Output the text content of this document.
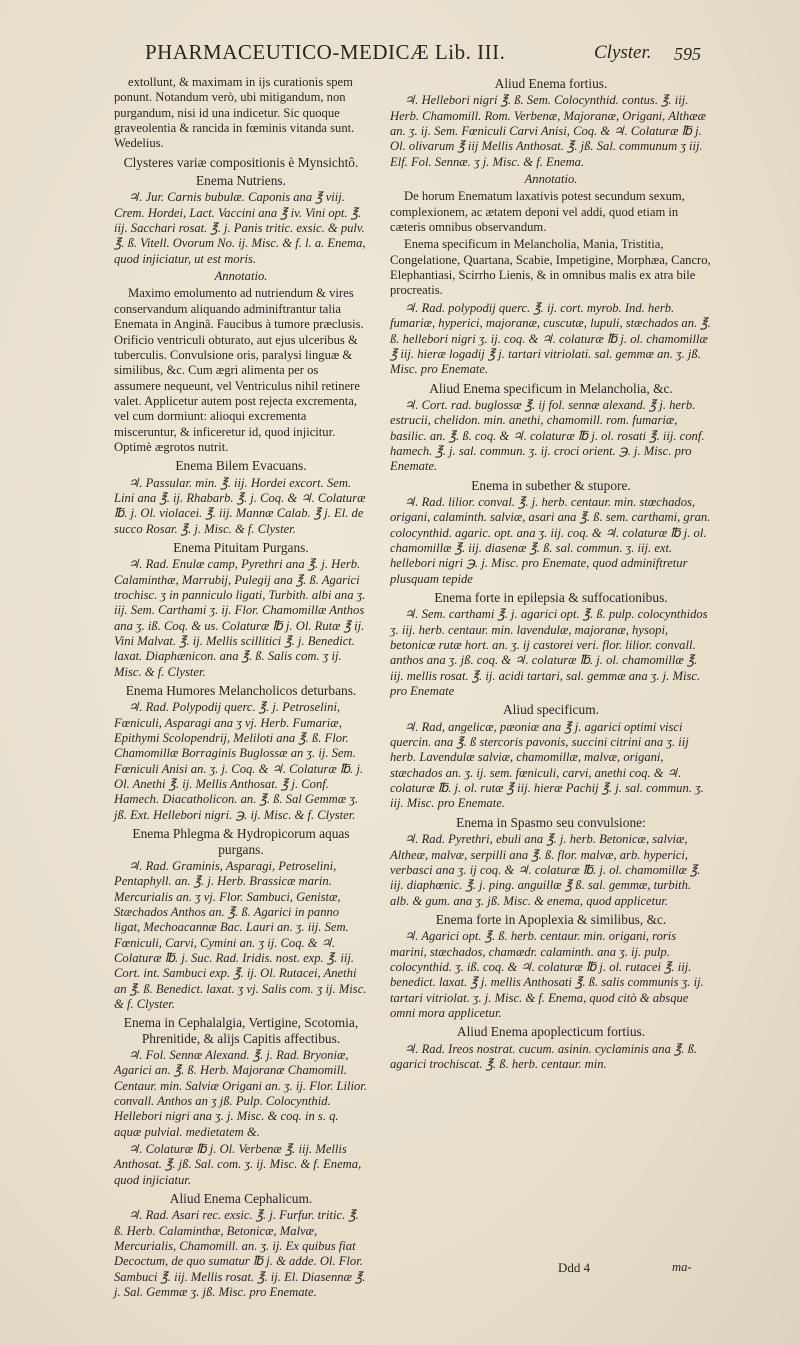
PHARMACEUTICO-MEDICÆ Lib. III.	Clyster. 595

extollunt, & maximam in ijs curationis spem ponunt. Notandum verò, ubi mitigandum, non purgandum, nisi id una indicetur. Sic quoque graveolentia & rancida in fœminis vitanda sunt. Wedelius.

Clysteres variæ compositionis è Mynsichtô.

Enema Nutriens.

♃. Jur. Carnis bubulæ. Caponis ana ℥ viij. Crem. Hordei, Lact. Vaccini ana ℥ iv. Vini opt. ℥. iij. Sacchari rosat. ℥. j. Panis tritic. exsic. & pulv. ℥. ß. Vitell. Ovorum No. ij. Misc. & f. l. a. Enema, quod injiciatur, ut est moris.

Annotatio.

Maximo emolumento ad nutriendum & vires conservandum aliquando adminiftrantur talia Enemata in Anginâ. Faucibus à tumore præclusis. Orificio ventriculi obturato, aut ejus ulceribus & tuberculis. Convulsione oris, paralysi linguæ & similibus, &c. Cum ægri alimenta per os assumere nequeunt, vel Ventriculus nihil retinere valet. Applicetur autem post rejecta excrementa, vel cum dormiunt: alioqui excrementa misceruntur, & inficeretur id, quod injicitur. Optimè ægrotos nutrit.

Enema Bilem Evacuans.

♃. Passular. min. ℥. iij. Hordei excort. Sem. Lini ana ℥. ij. Rhabarb. ℥. j. Coq. & ♃. Colaturæ ℔. j. Ol. violacei. ℥. iij. Mannæ Calab. ℥ j. El. de succo Rosar. ℥. j. Misc. & f. Clyster.

Enema Pituitam Purgans.

♃. Rad. Enulæ camp, Pyrethri ana ℥. j. Herb. Calaminthæ, Marrubij, Pulegij ana ℥. ß. Agarici trochisc. ʒ in panniculo ligati, Turbith. albi ana ʒ. iij. Sem. Carthami ʒ. ij. Flor. Chamomillæ Anthos ana ʒ. iß. Coq. & us. Colaturæ ℔ j. Ol. Rutæ ℥ ij. Vini Malvat. ℥. ij. Mellis scillitici ℥. j. Benedict. laxat. Diaphænicon. ana ℥. ß. Salis com. ʒ ij. Misc. & f. Clyster.

Enema Humores Melancholicos deturbans.

♃. Rad. Polypodij querc. ℥. j. Petroselini, Fœniculi, Asparagi ana ʒ vj. Herb. Fumariæ, Epithymi Scolopendrij, Meliloti ana ℥. ß. Flor. Chamomillæ Borraginis Buglossæ an ʒ. ij. Sem. Fœniculi Anisi an. ʒ. j. Coq. & ♃. Colaturæ ℔. j. Ol. Anethi ℥. ij. Mellis Anthosat. ℥ j. Conf. Hamech. Diacatholicon. an. ℥. ß. Sal Gemmæ ʒ. jß. Ext. Hellebori nigri. ℈. ij. Misc. & f. Clyster.

Enema Phlegma & Hydropicorum aquas purgans.

♃. Rad. Graminis, Asparagi, Petroselini, Pentaphyll. an. ℥. j. Herb. Brassicæ marin. Mercurialis an. ʒ vj. Flor. Sambuci, Genistæ, Stæchados Anthos an. ℥. ß. Agarici in panno ligat, Mechoacannæ Bac. Lauri an. ʒ. iij. Sem. Fœniculi, Carvi, Cymini an. ʒ ij. Coq. & ♃. Colaturæ ℔. j. Suc. Rad. Iridis. nost. exp. ℥. iij. Cort. int. Sambuci exp. ℥. ij. Ol. Rutacei, Anethi an ℥. ß. Benedict. laxat. ʒ vj. Salis com. ʒ ij. Misc. & f. Clyster.

Enema in Cephalalgia, Vertigine, Scotomia, Phrenitide, & alijs Capitis affectibus.

♃. Fol. Sennæ Alexand. ℥. j. Rad. Bryoniæ, Agarici an. ℥. ß. Herb. Majoranæ Chamomill. Centaur. min. Salviæ Origani an. ʒ. ij. Flor. Lilior. convall. Anthos an ʒ jß. Pulp. Colocynthid. Hellebori nigri ana ʒ. j. Misc. & coq. in s. q. aquæ pulvial. medietatem &.

♃. Colaturæ ℔ j. Ol. Verbenæ ℥. iij. Mellis Anthosat. ℥. jß. Sal. com. ʒ. ij. Misc. & f. Enema, quod injiciatur.

Aliud Enema Cephalicum.

♃. Rad. Asari rec. exsic. ℥. j. Furfur. tritic. ℥. ß. Herb. Calaminthæ, Betonicæ, Malvæ, Mercurialis, Chamomill. an. ʒ. ij. Ex quibus fiat Decoctum, de quo sumatur ℔ j. & adde. Ol. Flor. Sambuci ℥. iij. Mellis rosat. ℥. ij. El. Diasennæ ℥. j. Sal. Gemmæ ʒ. jß. Misc. pro Enemate.

Aliud Enema fortius.

♃. Hellebori nigri ℥. ß. Sem. Colocynthid. contus. ℥. iij. Herb. Chamomill. Rom. Verbenæ, Majoranæ, Origani, Althææ an. ʒ. ij. Sem. Fœniculi Carvi Anisi, Coq. & ♃. Colaturæ ℔ j. Ol. olivarum ℥ iij Mellis Anthosat. ℥. jß. Sal. communum ʒ iij. Elf. Fol. Sennæ. ʒ j. Misc. & f. Enema.

Annotatio.

De horum Enematum laxativis potest secundum sexum, complexionem, ac ætatem deponi vel addi, quod etiam in cæteris omnibus observandum.

Enema specificum in Melancholia, Mania, Tristitia, Congelatione, Quartana, Scabie, Impetigine, Morphæa, Cancro, Elephantiasi, Scirrho Lienis, & in omnibus malis ex atra bile procreatis.

♃. Rad. polypodij querc. ℥. ij. cort. myrob. Ind. herb. fumariæ, hyperici, majoranæ, cuscutæ, lupuli, stæchados an. ℥. ß. hellebori nigri ʒ. ij. coq. & ♃. colaturæ ℔ j. ol. chamomillæ ℥ iij. hieræ logadij ℥ j. tartari vitriolati. sal. gemmæ an. ʒ. jß. Misc. pro Enemate.

Aliud Enema specificum in Melancholia, &c.

♃. Cort. rad. buglossæ ℥. ij fol. sennæ alexand. ℥ j. herb. estrucii, chelidon. min. anethi, chamomill. rom. fumariæ, basilic. an. ℥. ß. coq. & ♃. colaturæ ℔ j. ol. rosati ℥. iij. conf. hamech. ℥. j. sal. commun. ʒ. ij. croci orient. ℈. j. Misc. pro Enemate.

Enema in subether & stupore.

♃. Rad. lilior. conval. ℥. j. herb. centaur. min. stœchados, origani, calaminth. salviæ, asari ana ℥. ß. sem. carthami, gran. colocynthid. agaric. opt. ana ʒ. iij. coq. & ♃. colaturæ ℔ j. ol. chamomillæ ℥. iij. diasenæ ℥. ß. sal. commun. ʒ. iij. ext. hellebori nigri ℈. j. Misc. pro Enemate, quod adminiftretur plusquam tepide

Enema forte in epilepsia & suffocationibus.

♃. Sem. carthami ℥. j. agarici opt. ℥. ß. pulp. colocynthidos ʒ. iij. herb. centaur. min. lavendulæ, majoranæ, hysopi, betonicæ rutæ hort. an. ʒ. ij castorei veri. flor. lilior. convall. anthos ana ʒ. jß. coq. & ♃. colaturæ ℔. j. ol. chamomillæ ℥. iij. mellis rosat. ℥. ij. acidi tartari, sal. gemmæ ana ʒ. j. Misc. pro Enemate

Aliud specificum.

♃. Rad, angelicæ, pæoniæ ana ℥ j. agarici optimi visci quercin. ana ℥. ß stercoris pavonis, succini citrini ana ʒ. iij herb. Lavendulæ salviæ, chamomillæ, malvæ, origani, stæchados an. ʒ. ij. sem. fœniculi, carvi, anethi coq. & ♃. colaturæ ℔. j. ol. rutæ ℥ iij. hieræ Pachij ℥. j. sal. commun. ʒ. iij. Misc. pro Enemate.

Enema in Spasmo seu convulsione:

♃. Rad. Pyrethri, ebuli ana ℥. j. herb. Betonicæ, salviæ, Altheæ, malvæ, serpilli ana ℥. ß. flor. malvæ, arb. hyperici, verbasci ana ʒ. ij coq. & ♃. colaturæ ℔. j. ol. chamomillæ ℥. iij. diaphœnic. ℥. j. ping. anguillæ ℥ ß. sal. gemmæ, turbith. alb. & gum. ana ʒ. jß. Misc. & enema, quod applicetur.

Enema forte in Apoplexia & similibus, &c.

♃. Agarici opt. ℥. ß. herb. centaur. min. origani, roris marini, stæchados, chamædr. calaminth. ana ʒ. ij. pulp. colocynthid. ʒ. iß. coq. & ♃. colaturæ ℔ j. ol. rutacei ℥. iij. benedict. laxat. ℥ j. mellis Anthosati ℥. ß. salis communis ʒ. ij. tartari vitriolat. ʒ. j. Misc. & f. Enema, quod citò & absque omni mora applicetur.

Aliud Enema apoplecticum fortius.

♃. Rad. Ireos nostrat. cucum. asinin. cyclaminis ana ℥. ß. agarici trochiscat. ℥. ß. herb. centaur. min.

Ddd 4	ma-
